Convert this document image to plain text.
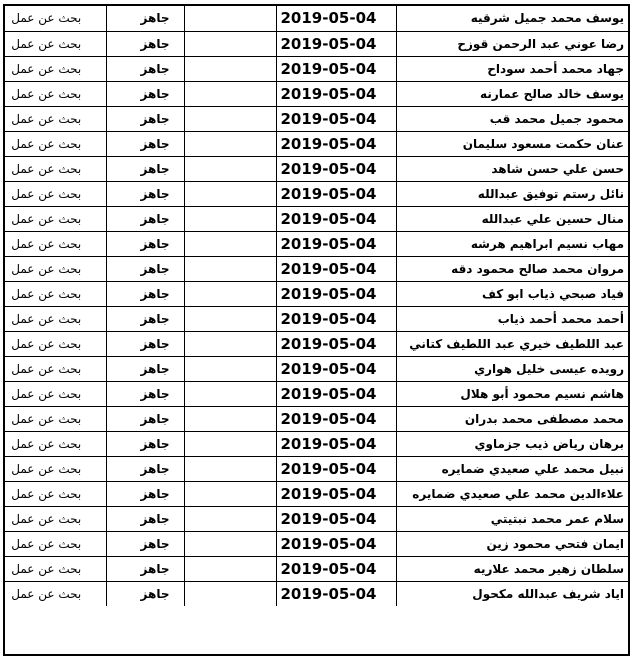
يوسف محمد جميل شرقيه	2019-05-04		جاهز	بحث عن عمل
رضا عوني عبد الرحمن قوزح	2019-05-04		جاهز	بحث عن عمل
جهاد محمد أحمد سوداح	2019-05-04		جاهز	بحث عن عمل
يوسف خالد صالح عمارنه	2019-05-04		جاهز	بحث عن عمل
محمود جميل محمد قب	2019-05-04		جاهز	بحث عن عمل
عنان حكمت مسعود سليمان	2019-05-04		جاهز	بحث عن عمل
حسن علي حسن شاهد	2019-05-04		جاهز	بحث عن عمل
نائل رستم توفيق عبدالله	2019-05-04		جاهز	بحث عن عمل
منال حسين علي عبدالله	2019-05-04		جاهز	بحث عن عمل
مهاب نسيم ابراهيم هرشه	2019-05-04		جاهز	بحث عن عمل
مروان محمد صالح محمود دقه	2019-05-04		جاهز	بحث عن عمل
فياد صبحي ذياب ابو كف	2019-05-04		جاهز	بحث عن عمل
أحمد محمد أحمد ذياب	2019-05-04		جاهز	بحث عن عمل
عبد اللطيف خيري عبد اللطيف كتاني	2019-05-04		جاهز	بحث عن عمل
رويده عيسى خليل هواري	2019-05-04		جاهز	بحث عن عمل
هاشم نسيم محمود أبو هلال	2019-05-04		جاهز	بحث عن عمل
محمد مصطفى محمد بدران	2019-05-04		جاهز	بحث عن عمل
برهان رياض ذيب جزماوي	2019-05-04		جاهز	بحث عن عمل
نبيل محمد علي صعيدي ضمايره	2019-05-04		جاهز	بحث عن عمل
علاءالدين محمد علي صعيدي ضمايره	2019-05-04		جاهز	بحث عن عمل
سلام عمر محمد نبتيتي	2019-05-04		جاهز	بحث عن عمل
ايمان فتحي محمود زين	2019-05-04		جاهز	بحث عن عمل
سلطان زهير محمد علاريه	2019-05-04		جاهز	بحث عن عمل
اياد شريف عبدالله مكحول	2019-05-04		جاهز	بحث عن عمل
